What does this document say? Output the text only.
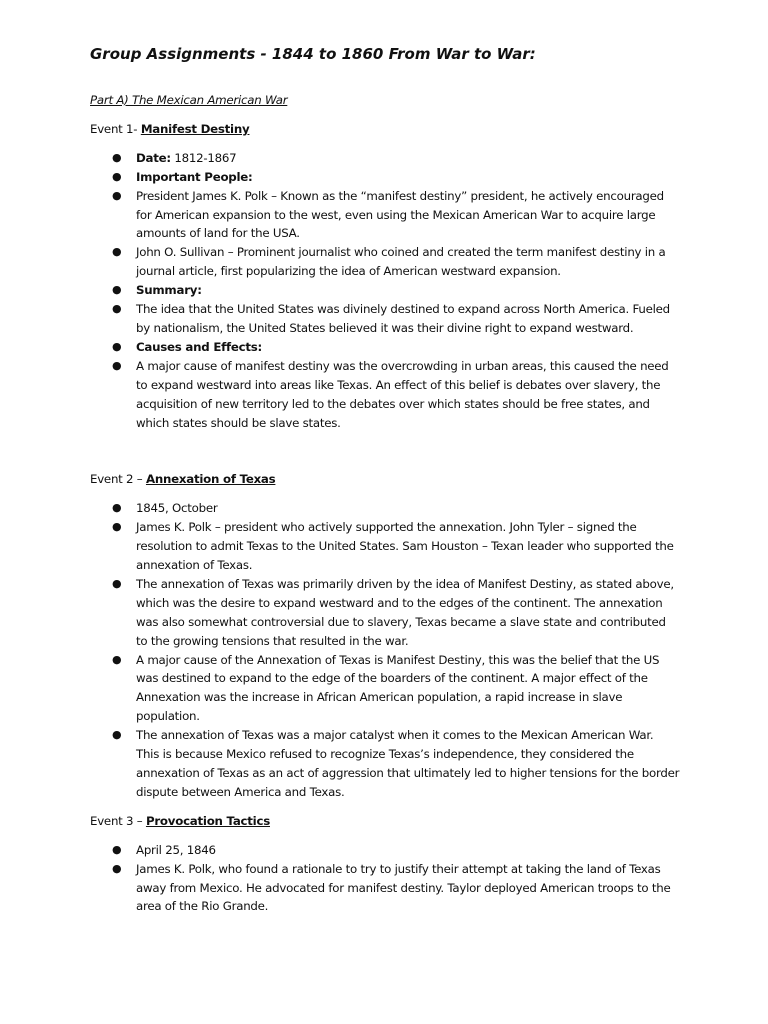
Group Assignments - 1844 to 1860 From War to War:
Part A) The Mexican American War
Event 1- Manifest Destiny
● Date: 1812-1867
● Important People:
● President James K. Polk – Known as the “manifest destiny” president, he actively encouraged for American expansion to the west, even using the Mexican American War to acquire large amounts of land for the USA.
● John O. Sullivan – Prominent journalist who coined and created the term manifest destiny in a journal article, first popularizing the idea of American westward expansion.
● Summary:
● The idea that the United States was divinely destined to expand across North America. Fueled by nationalism, the United States believed it was their divine right to expand westward.
● Causes and Effects:
● A major cause of manifest destiny was the overcrowding in urban areas, this caused the need to expand westward into areas like Texas. An effect of this belief is debates over slavery, the acquisition of new territory led to the debates over which states should be free states, and which states should be slave states.
Event 2 – Annexation of Texas
● 1845, October
● James K. Polk – president who actively supported the annexation. John Tyler – signed the resolution to admit Texas to the United States. Sam Houston – Texan leader who supported the annexation of Texas.
● The annexation of Texas was primarily driven by the idea of Manifest Destiny, as stated above, which was the desire to expand westward and to the edges of the continent. The annexation was also somewhat controversial due to slavery, Texas became a slave state and contributed to the growing tensions that resulted in the war.
● A major cause of the Annexation of Texas is Manifest Destiny, this was the belief that the US was destined to expand to the edge of the boarders of the continent. A major effect of the Annexation was the increase in African American population, a rapid increase in slave population.
● The annexation of Texas was a major catalyst when it comes to the Mexican American War. This is because Mexico refused to recognize Texas’s independence, they considered the annexation of Texas as an act of aggression that ultimately led to higher tensions for the border dispute between America and Texas.
Event 3 – Provocation Tactics
● April 25, 1846
● James K. Polk, who found a rationale to try to justify their attempt at taking the land of Texas away from Mexico. He advocated for manifest destiny. Taylor deployed American troops to the area of the Rio Grande.
